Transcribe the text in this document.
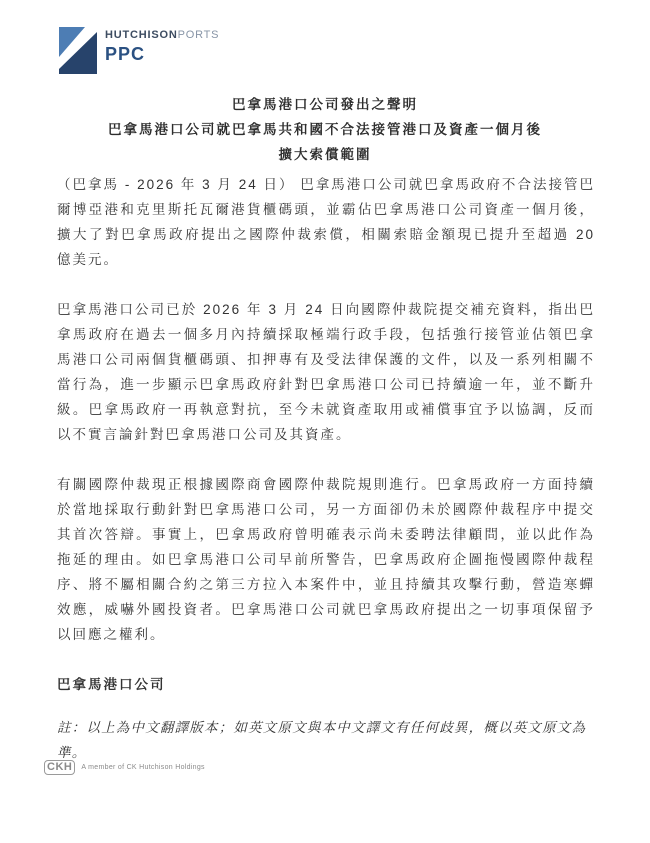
HUTCHISONPORTS
PPC
巴拿馬港口公司發出之聲明
巴拿馬港口公司就巴拿馬共和國不合法接管港口及資產一個月後
擴大索償範圍

（巴拿馬 - 2026 年 3 月 24 日） 巴拿馬港口公司就巴拿馬政府不合法接管巴爾博亞港和克里斯托瓦爾港貨櫃碼頭，並霸佔巴拿馬港口公司資產一個月後，擴大了對巴拿馬政府提出之國際仲裁索償，相關索賠金額現已提升至超過 20 億美元。

巴拿馬港口公司已於 2026 年 3 月 24 日向國際仲裁院提交補充資料，指出巴拿馬政府在過去一個多月內持續採取極端行政手段，包括強行接管並佔領巴拿馬港口公司兩個貨櫃碼頭、扣押專有及受法律保護的文件，以及一系列相關不當行為，進一步顯示巴拿馬政府針對巴拿馬港口公司已持續逾一年，並不斷升級。巴拿馬政府一再執意對抗，至今未就資產取用或補償事宜予以協調，反而以不實言論針對巴拿馬港口公司及其資產。

有關國際仲裁現正根據國際商會國際仲裁院規則進行。巴拿馬政府一方面持續於當地採取行動針對巴拿馬港口公司，另一方面卻仍未於國際仲裁程序中提交其首次答辯。事實上，巴拿馬政府曾明確表示尚未委聘法律顧問，並以此作為拖延的理由。如巴拿馬港口公司早前所警告，巴拿馬政府企圖拖慢國際仲裁程序、將不屬相關合約之第三方拉入本案件中，並且持續其攻擊行動，營造寒蟬效應，威嚇外國投資者。巴拿馬港口公司就巴拿馬政府提出之一切事項保留予以回應之權利。

巴拿馬港口公司

註：以上為中文翻譯版本；如英文原文與本中文譯文有任何歧異，概以英文原文為準。

CKH	A member of CK Hutchison Holdings
